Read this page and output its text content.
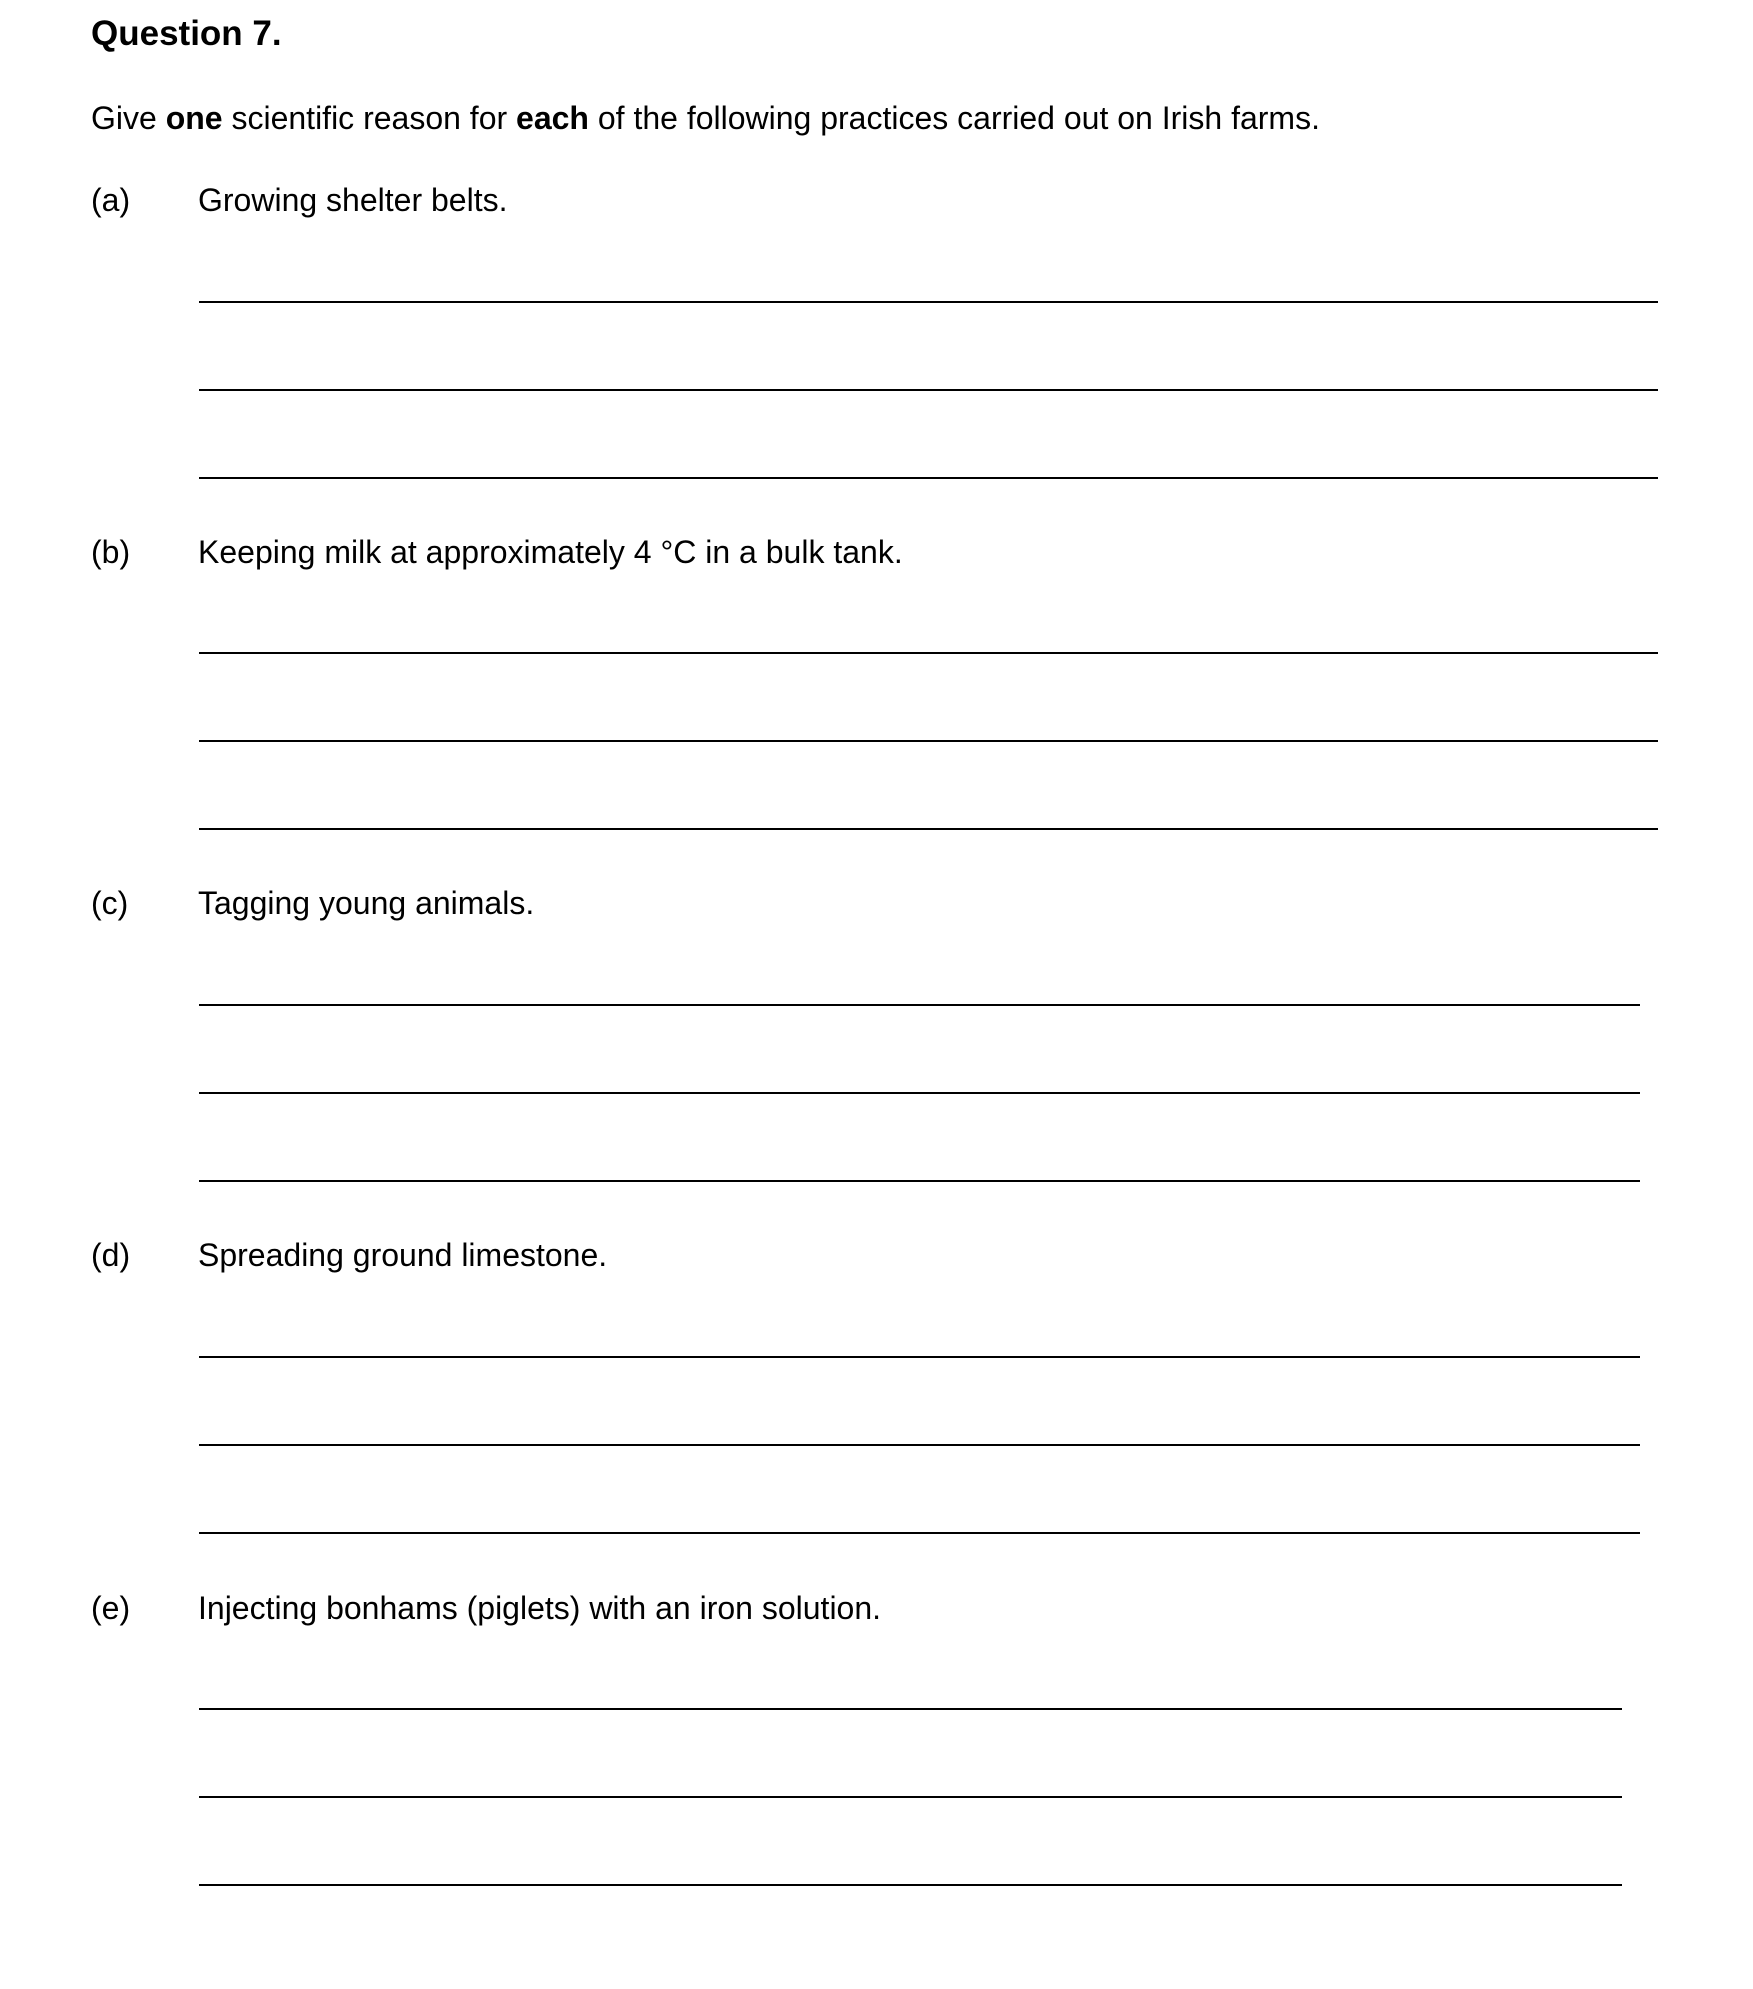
Question 7.
Give one scientific reason for each of the following practices carried out on Irish farms.
(a) Growing shelter belts.
(b) Keeping milk at approximately 4 °C in a bulk tank.
(c) Tagging young animals.
(d) Spreading ground limestone.
(e) Injecting bonhams (piglets) with an iron solution.
